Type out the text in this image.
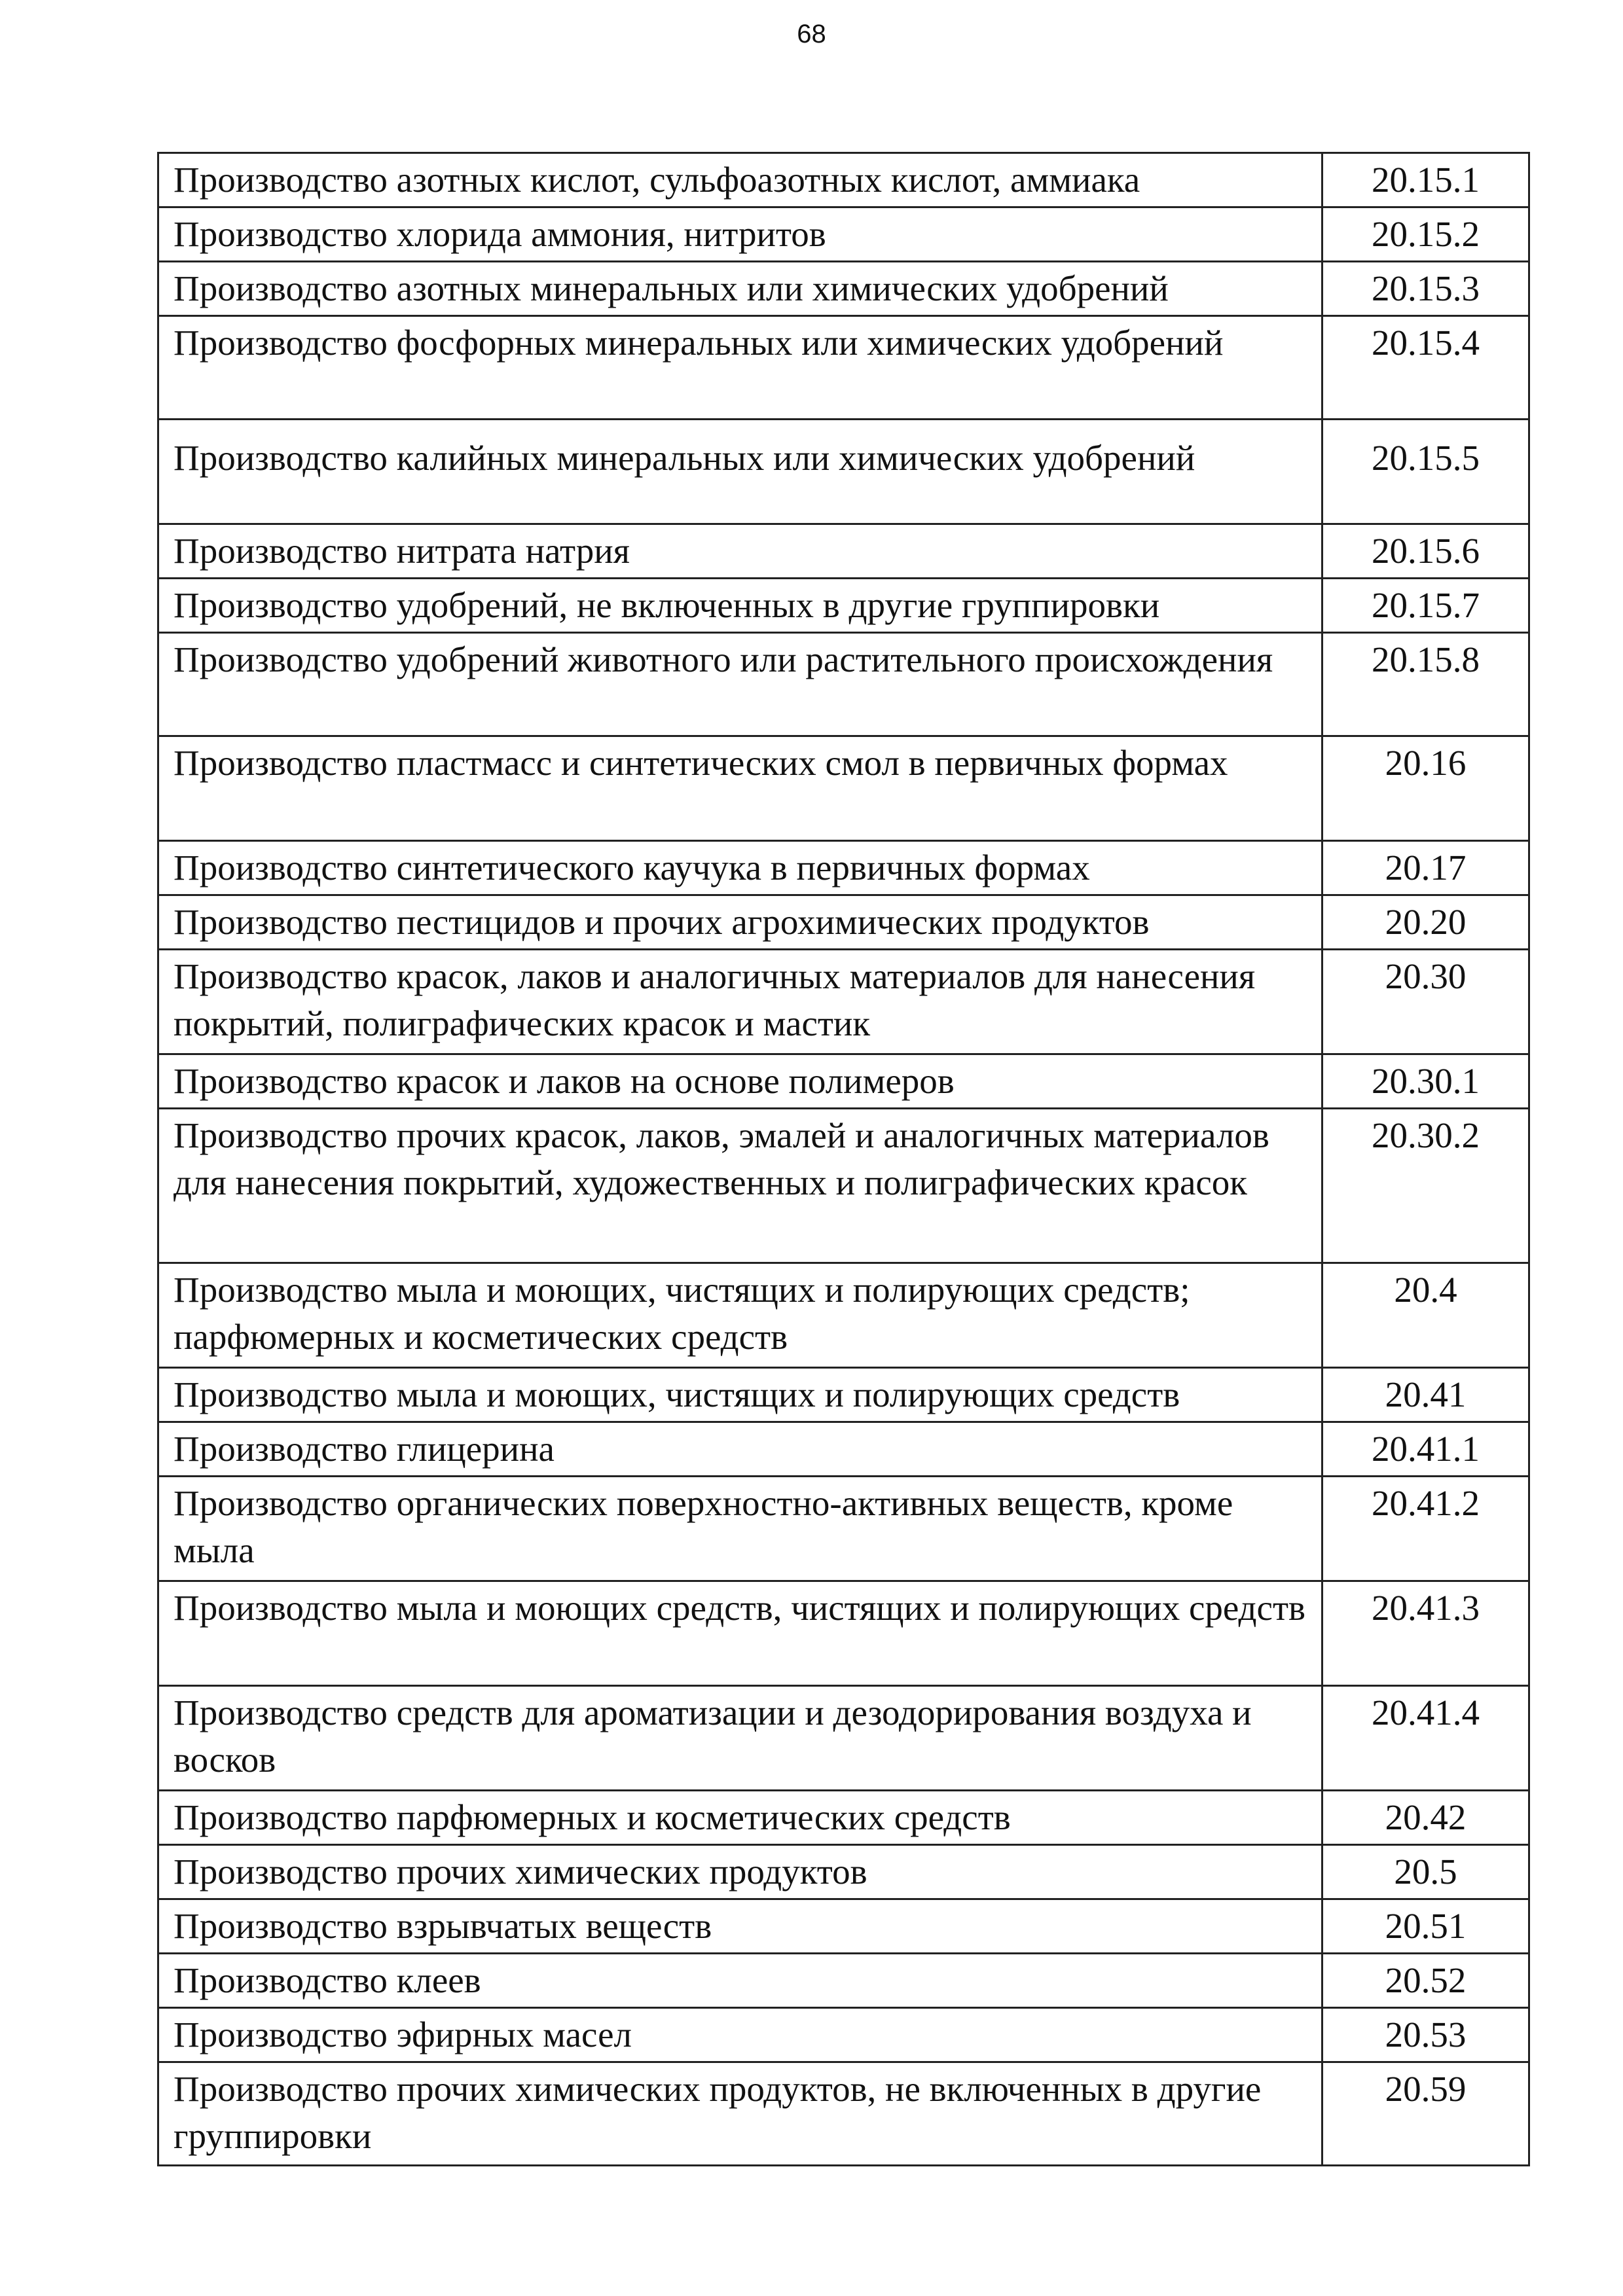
68
Производство азотных кислот, сульфоазотных кислот, аммиака	20.15.1
Производство хлорида аммония, нитритов	20.15.2
Производство азотных минеральных или химических удобрений	20.15.3
Производство фосфорных минеральных или химических удобрений	20.15.4
Производство калийных минеральных или химических удобрений	20.15.5
Производство нитрата натрия	20.15.6
Производство удобрений, не включенных в другие группировки	20.15.7
Производство удобрений животного или растительного происхождения	20.15.8
Производство пластмасс и синтетических смол в первичных формах	20.16
Производство синтетического каучука в первичных формах	20.17
Производство пестицидов и прочих агрохимических продуктов	20.20
Производство красок, лаков и аналогичных материалов для нанесения покрытий, полиграфических красок и мастик	20.30
Производство красок и лаков на основе полимеров	20.30.1
Производство прочих красок, лаков, эмалей и аналогичных материалов для нанесения покрытий, художественных и полиграфических красок	20.30.2
Производство мыла и моющих, чистящих и полирующих средств; парфюмерных и косметических средств	20.4
Производство мыла и моющих, чистящих и полирующих средств	20.41
Производство глицерина	20.41.1
Производство органических поверхностно-активных веществ, кроме мыла	20.41.2
Производство мыла и моющих средств, чистящих и полирующих средств	20.41.3
Производство средств для ароматизации и дезодорирования воздуха и восков	20.41.4
Производство парфюмерных и косметических средств	20.42
Производство прочих химических продуктов	20.5
Производство взрывчатых веществ	20.51
Производство клеев	20.52
Производство эфирных масел	20.53
Производство прочих химических продуктов, не включенных в другие группировки	20.59
